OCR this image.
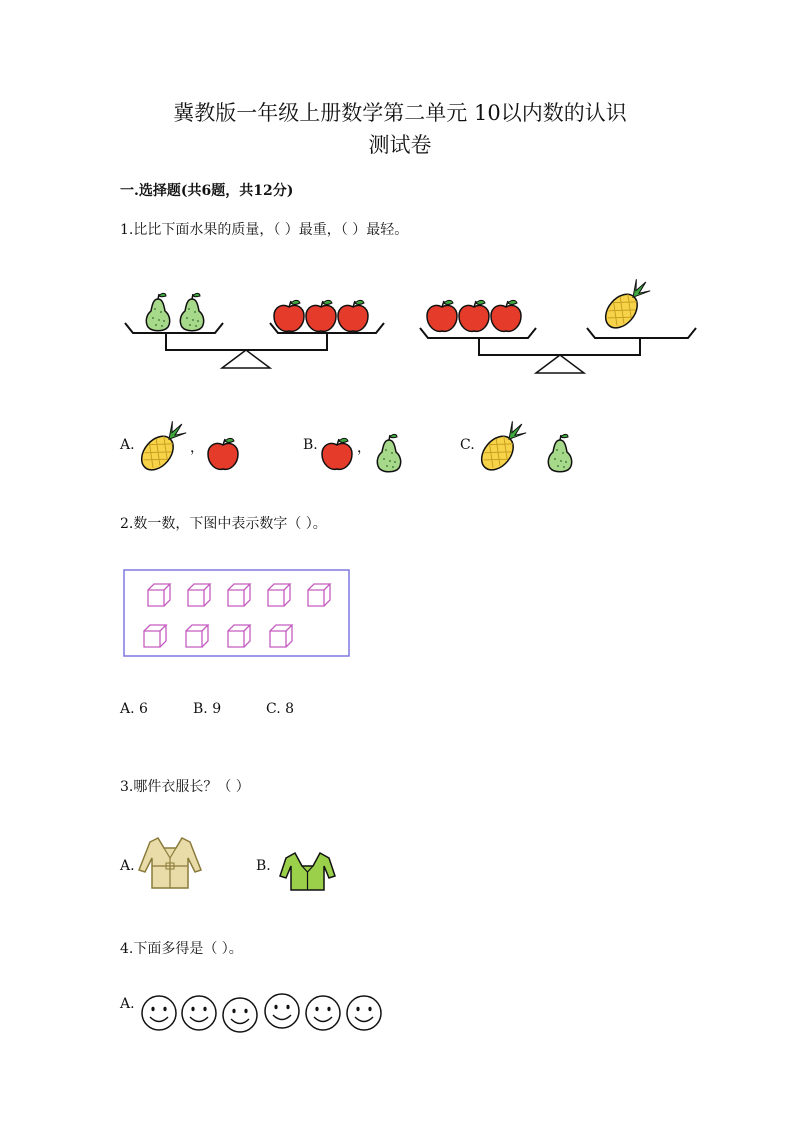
冀教版一年级上册数学第二单元 10以内数的认识
测试卷
一.选择题(共6题，共12分)
1.比比下面水果的质量，（ ）最重，（ ）最轻。
A.	，	B.	，	C.
2.数一数，下图中表示数字（ ）。
A. 6	B. 9	C. 8
3.哪件衣服长？（ ）
A.	B.
4.下面多得是（ ）。
A.
